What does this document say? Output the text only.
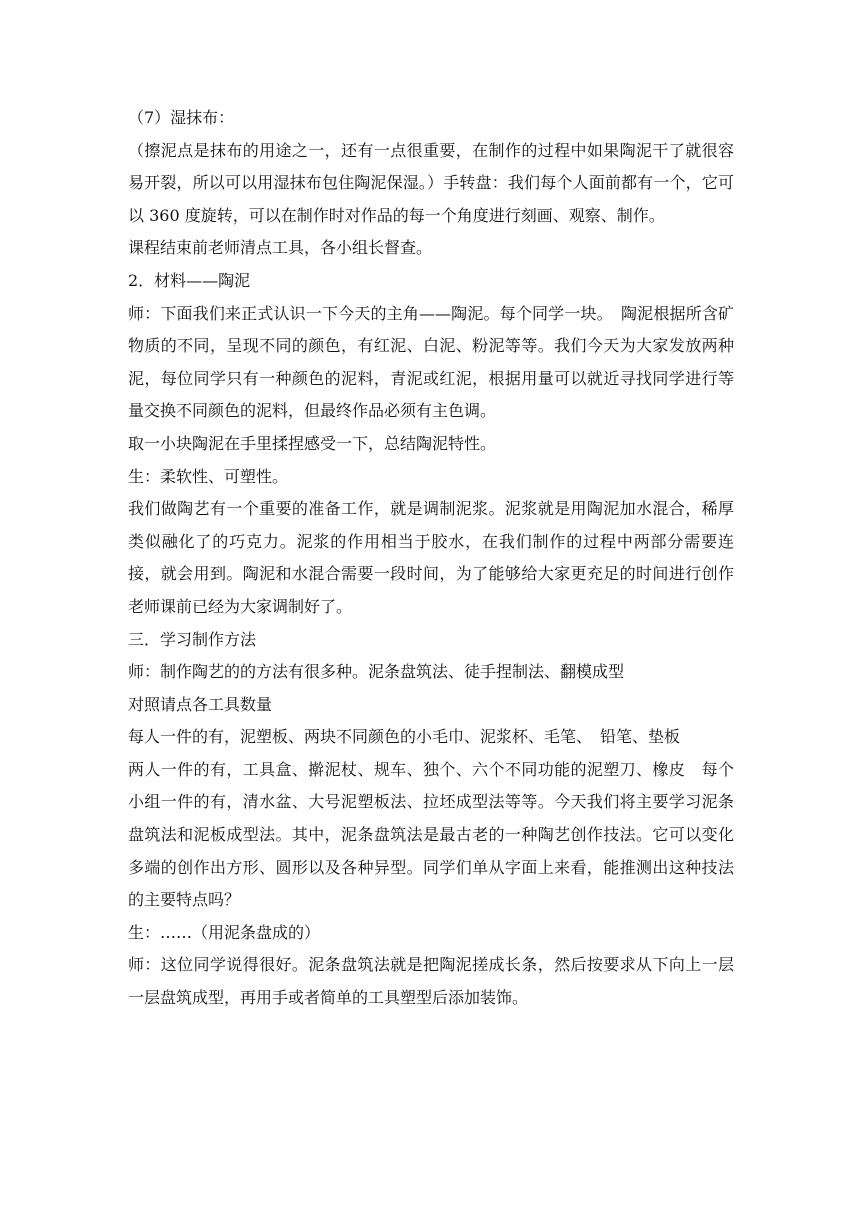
（7）湿抹布：

（擦泥点是抹布的用途之一，还有一点很重要，在制作的过程中如果陶泥干了就很容易开裂，所以可以用湿抹布包住陶泥保湿。）手转盘：我们每个人面前都有一个，它可以 360 度旋转，可以在制作时对作品的每一个角度进行刻画、观察、制作。

课程结束前老师清点工具，各小组长督查。

2．材料——陶泥

师：下面我们来正式认识一下今天的主角——陶泥。每个同学一块。　陶泥根据所含矿物质的不同，呈现不同的颜色，有红泥、白泥、粉泥等等。我们今天为大家发放两种泥，每位同学只有一种颜色的泥料，青泥或红泥，根据用量可以就近寻找同学进行等量交换不同颜色的泥料，但最终作品必须有主色调。

取一小块陶泥在手里揉捏感受一下，总结陶泥特性。

生：柔软性、可塑性。

我们做陶艺有一个重要的准备工作，就是调制泥浆。泥浆就是用陶泥加水混合，稀厚类似融化了的巧克力。泥浆的作用相当于胶水，在我们制作的过程中两部分需要连接，就会用到。陶泥和水混合需要一段时间，为了能够给大家更充足的时间进行创作老师课前已经为大家调制好了。

三．学习制作方法

师：制作陶艺的的方法有很多种。泥条盘筑法、徒手捏制法、翻模成型

对照请点各工具数量

每人一件的有，泥塑板、两块不同颜色的小毛巾、泥浆杯、毛笔、　铅笔、垫板

两人一件的有，工具盒、擀泥杖、规车、独个、六个不同功能的泥塑刀、橡皮　每个小组一件的有，清水盆、大号泥塑板法、拉坯成型法等等。今天我们将主要学习泥条盘筑法和泥板成型法。其中，泥条盘筑法是最古老的一种陶艺创作技法。它可以变化多端的创作出方形、圆形以及各种异型。同学们单从字面上来看，能推测出这种技法的主要特点吗？

生：……（用泥条盘成的）

师：这位同学说得很好。泥条盘筑法就是把陶泥搓成长条，然后按要求从下向上一层一层盘筑成型，再用手或者简单的工具塑型后添加装饰。
